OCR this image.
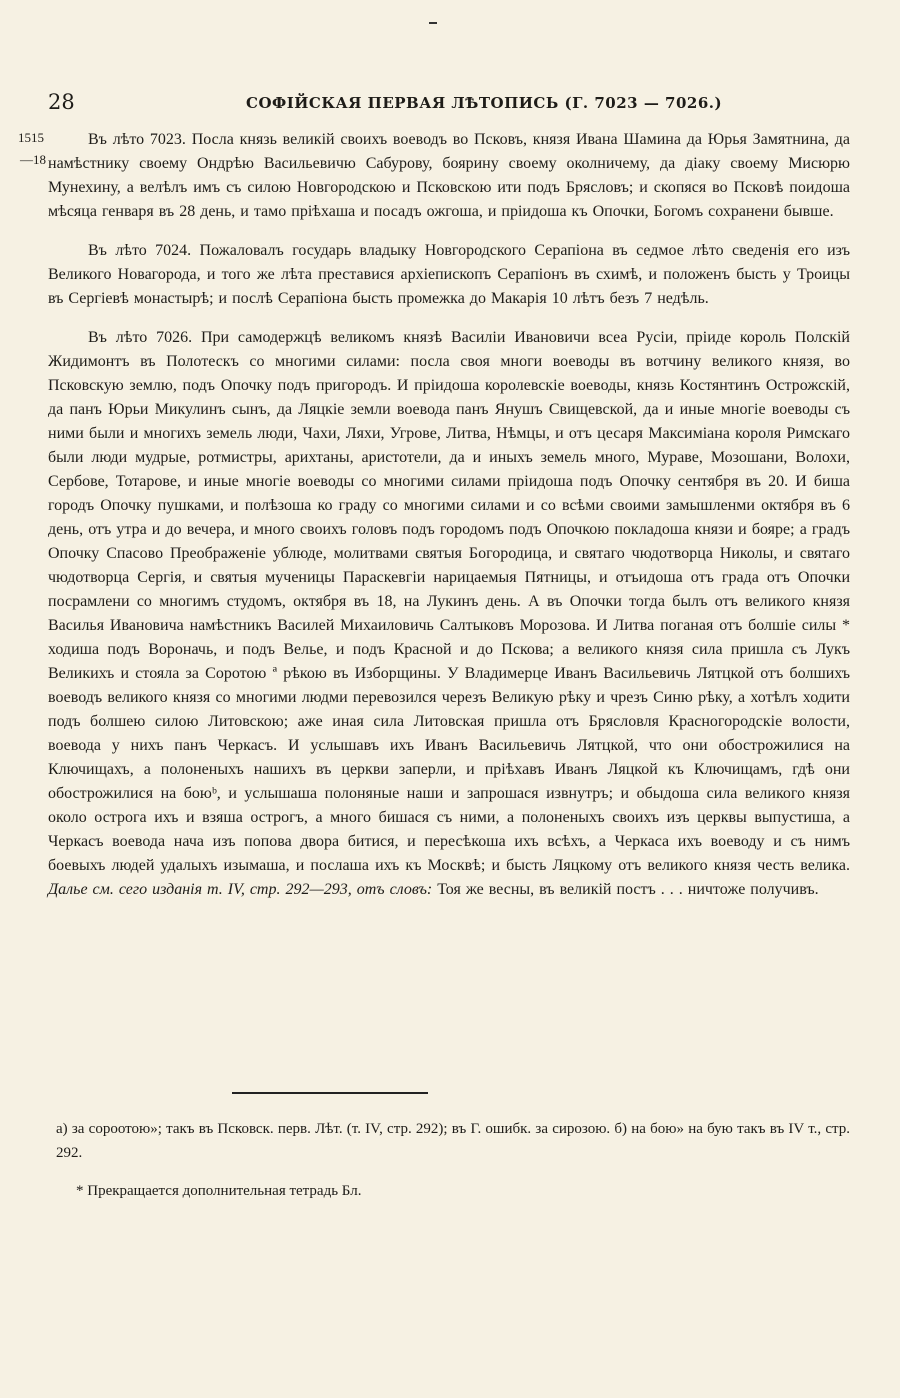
28	СОФІЙСКАЯ ПЕРВАЯ ЛѢТОПИСЬ (Г. 7023 — 7026.)
1515
—18

Въ лѣто 7023. Посла князь великій своихъ воеводъ во Псковъ, князя Ивана Шамина да Юрья Замятнина, да намѣстнику своему Ондрѣю Васильевичю Сабурову, боярину своему околничему, да діаку своему Мисюрю Мунехину, а велѣлъ имъ съ силою Новгородскою и Псковскою ити подъ Брясловъ; и скопяся во Псковѣ поидоша мѣсяца генваря въ 28 день, и тамо пріѣхаша и посадъ ожгоша, и пріидоша къ Опочки, Богомъ сохранени бывше.

Въ лѣто 7024. Пожаловалъ государь владыку Новгородского Серапіона въ седмое лѣто сведенія его изъ Великого Новагорода, и того же лѣта преставися архіепископъ Серапіонъ въ схимѣ, и положенъ бысть у Троицы въ Сергіевѣ монастырѣ; и послѣ Серапіона бысть промежка до Макарія 10 лѣтъ безъ 7 недѣль.

Въ лѣто 7026. При самодержцѣ великомъ князѣ Василіи Ивановичи всеа Русіи, пріиде король Полскій Жидимонтъ въ Полотескъ со многими силами: посла своя многи воеводы въ вотчину великого князя, во Псковскую землю, подъ Опочку подъ пригородъ. И пріидоша королевскіе воеводы, князь Костянтинъ Острожскій, да панъ Юрьи Микулинъ сынъ, да Ляцкіе земли воевода панъ Янушъ Свищевской, да и иные многіе воеводы съ ними были и многихъ земель люди, Чахи, Ляхи, Угрове, Литва, Нѣмцы, и отъ цесаря Максиміана короля Римскаго были люди мудрые, ротмистры, арихтаны, аристотели, да и иныхъ земель много, Мураве, Мозошани, Волохи, Сербове, Тотарове, и иные многіе воеводы со многими силами пріидоша подъ Опочку сентября въ 20. И биша городъ Опочку пушками, и полѣзоша ко граду со многими силами и со всѣми своими замышленми октября въ 6 день, отъ утра и до вечера, и много своихъ головъ подъ городомъ подъ Опочкою покладоша князи и бояре; а градъ Опочку Спасово Преображеніе ублюде, молитвами святыя Богородица, и святаго чюдотворца Николы, и святаго чюдотворца Сергія, и святыя мученицы Параскевгіи нарицаемыя Пятницы, и отъидоша отъ града отъ Опочки посрамлени со многимъ студомъ, октября въ 18, на Лукинъ день. А въ Опочки тогда былъ отъ великого князя Василья Ивановича намѣстникъ Василей Михаиловичь Салтыковъ Морозова. И Литва поганая отъ болшіе силы * ходиша подъ Вороначь, и подъ Велье, и подъ Красной и до Пскова; а великого князя сила пришла съ Лукъ Великихъ и стояла за Соротою ª рѣкою въ Изборщины. У Владимерце Иванъ Васильевичь Лятцкой отъ болшихъ воеводъ великого князя со многими людми перевозился черезъ Великую рѣку и чрезъ Синю рѣку, а хотѣлъ ходити подъ болшею силою Литовскою; аже иная сила Литовская пришла отъ Брясловля Красногородскіе волости, воевода у нихъ панъ Черкасъ. И услышавъ ихъ Иванъ Васильевичь Лятцкой, что они обострожилися на Ключищахъ, а полоненыхъ нашихъ въ церкви заперли, и пріѣхавъ Иванъ Ляцкой къ Ключищамъ, гдѣ они обострожилися на боюᵇ, и услышаша полоняные наши и запрошася извнутръ; и обыдоша сила великого князя около острога ихъ и взяша острогъ, а много бишася съ ними, а полоненыхъ своихъ изъ церквы выпустиша, а Черкасъ воевода нача изъ попова двора битися, и пересѣкоша ихъ всѣхъ, а Черкаса ихъ воеводу и съ нимъ боевыхъ людей удалыхъ изымаша, и послаша ихъ къ Москвѣ; и бысть Ляцкому отъ великого князя честь велика. Далье см. сего изданія т. IV, стр. 292—293, отъ словъ: Тоя же весны, въ великій постъ . . . ничтоже получивъ.

а) за сороотою»; такъ въ Псковск. перв. Лѣт. (т. IV, стр. 292); въ Г. ошибк. за сирозою. б) на бою» на бую такъ въ IV т., стр. 292.

* Прекращается дополнительная тетрадь Бл.
